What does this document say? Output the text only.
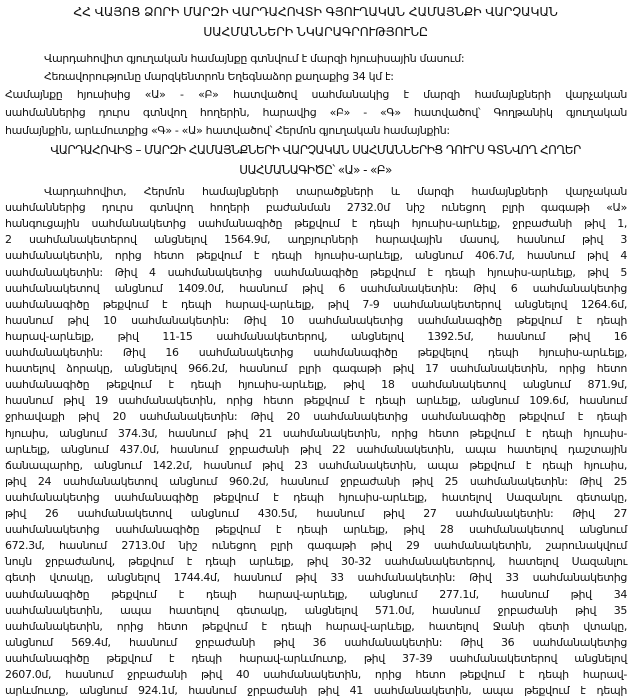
ՀՀ ՎԱՅՈՑ ՁՈՐԻ ՄԱՐԶԻ ՎԱՐԴԱՀՈՎՏԻ ԳՅՈՒՂԱԿԱՆ ՀԱՄԱՅՆՔԻ ՎԱՐՉԱԿԱՆ
ՍԱՀՄԱՆՆԵՐԻ ՆԿԱՐԱԳՐՈՒԹՅՈՒՆԸ
Վարդահովիտ գյուղական համայնքը գտնվում է մարզի հյուսիսային մասում:
Հեռավորությունը մարզկենտրոն Եղեգնաձոր քաղաքից 34 կմ է:
Համայնքը հյուսիսից «Ա» - «Բ» հատվածով սահմանակից է մարզի համայնքների վարչական
սահմաններից դուրս գտնվող հողերին, հարավից «Բ» - «Գ» հատվածով՝ Գողթանիկ գյուղական
համայնքին, արևմուտքից «Գ» - «Ա» հատվածով՝ Հերմոն գյուղական համայնքին:
ՎԱՐԴԱՀՈՎԻՏ – ՄԱՐԶԻ ՀԱՄԱՅՆՔՆԵՐԻ ՎԱՐՉԱԿԱՆ ՍԱՀՄԱՆՆԵՐԻՑ ԴՈՒՐՍ ԳՏՆՎՈՂ ՀՈՂԵՐ
ՍԱՀՄԱՆԱԳԻԾԸ՝ «Ա» - «Բ»
Վարդահովիտ, Հերմոն համայնքների տարածքների և մարզի համայնքների վարչական
սահմաններից դուրս գտնվող հողերի բաժանման 2732.0մ նիշ ունեցող բլրի գագաթի «Ա»
հանգուցային սահմանակետից սահմանագիծը թեքվում է դեպի հյուսիս-արևելք, ջրբաժանի թիվ 1,
2 սահմանակետերով անցնելով 1564.9մ, աղբյուրների հարավային մասով, հասնում թիվ 3
սահմանակետին, որից հետո թեքվում է դեպի հյուսիս-արևելք, անցնում 406.7մ, հասնում թիվ 4
սահմանակետին: Թիվ 4 սահմանակետից սահմանագիծը թեքվում է դեպի հյուսիս-արևելք, թիվ 5
սահմանակետով անցնում 1409.0մ, հասնում թիվ 6 սահմանակետին: Թիվ 6 սահմանակետից
սահմանագիծը թեքվում է դեպի հարավ-արևելք, թիվ 7-9 սահմանակետերով անցնելով 1264.6մ,
հասնում թիվ 10 սահմանակետին: Թիվ 10 սահմանակետից սահմանագիծը թեքվում է դեպի
հարավ-արևելք, թիվ 11-15 սահմանակետերով, անցնելով 1392.5մ, հասնում թիվ 16
սահմանակետին: Թիվ 16 սահմանակետից սահմանագիծը թեքվելով դեպի հյուսիս-արևելք,
հատելով ձորակը, անցնելով 966.2մ, հասնում բլրի գագաթի թիվ 17 սահմանակետին, որից հետո
սահմանագիծը թեքվում է դեպի հյուսիս-արևելք, թիվ 18 սահմանակետով անցնում 871.9մ,
հասնում թիվ 19 սահմանակետին, որից հետո թեքվում է դեպի արևելք, անցնում 109.6մ, հասնում
ջրհավաքի թիվ 20 սահմանակետին: Թիվ 20 սահմանակետից սահմանագիծը թեքվում է դեպի
հյուսիս, անցնում 374.3մ, հասնում թիվ 21 սահմանակետին, որից հետո թեքվում է դեպի հյուսիս-
արևելք, անցնում 437.0մ, հասնում ջրբաժանի թիվ 22 սահմանակետին, ապա հատելով դաշտային
ճանապարհը, անցնում 142.2մ, հասնում թիվ 23 սահմանակետին, ապա թեքվում է դեպի հյուսիս,
թիվ 24 սահմանակետով անցնում 960.2մ, հասնում ջրբաժանի թիվ 25 սահմանակետին: Թիվ 25
սահմանակետից սահմանագիծը թեքվում է դեպի հյուսիս-արևելք, հատելով Սազանլու գետակը,
թիվ 26 սահմանակետով անցնում 430.5մ, հասնում թիվ 27 սահմանակետին: Թիվ 27
սահմանակետից սահմանագիծը թեքվում է դեպի արևելք, թիվ 28 սահմանակետով անցնում
672.3մ, հասնում 2713.0մ նիշ ունեցող բլրի գագաթի թիվ 29 սահմանակետին, շարունակվում
նույն ջրբաժանով, թեքվում է դեպի արևելք, թիվ 30-32 սահմանակետերով, հատելով Սազանլու
գետի վտակը, անցնելով 1744.4մ, հասնում թիվ 33 սահմանակետին: Թիվ 33 սահմանակետից
սահմանագիծը թեքվում է դեպի հարավ-արևելք, անցնում 277.1մ, հասնում թիվ 34
սահմանակետին, ապա հատելով գետակը, անցնելով 571.0մ, հասնում ջրբաժանի թիվ 35
սահմանակետին, որից հետո թեքվում է դեպի հարավ-արևելք, հատելով Ջանի գետի վտակը,
անցնում 569.4մ, հասնում ջրբաժանի թիվ 36 սահմանակետին: Թիվ 36 սահմանակետից
սահմանագիծը թեքվում է դեպի հարավ-արևմուտք, թիվ 37-39 սահմանակետերով անցնելով
2607.0մ, հասնում ջրբաժանի թիվ 40 սահմանակետին, որից հետո թեքվում է դեպի հարավ-
արևմուտք, անցնում 924.1մ, հասնում ջրբաժանի թիվ 41 սահմանակետին, ապա թեքվում է դեպի
